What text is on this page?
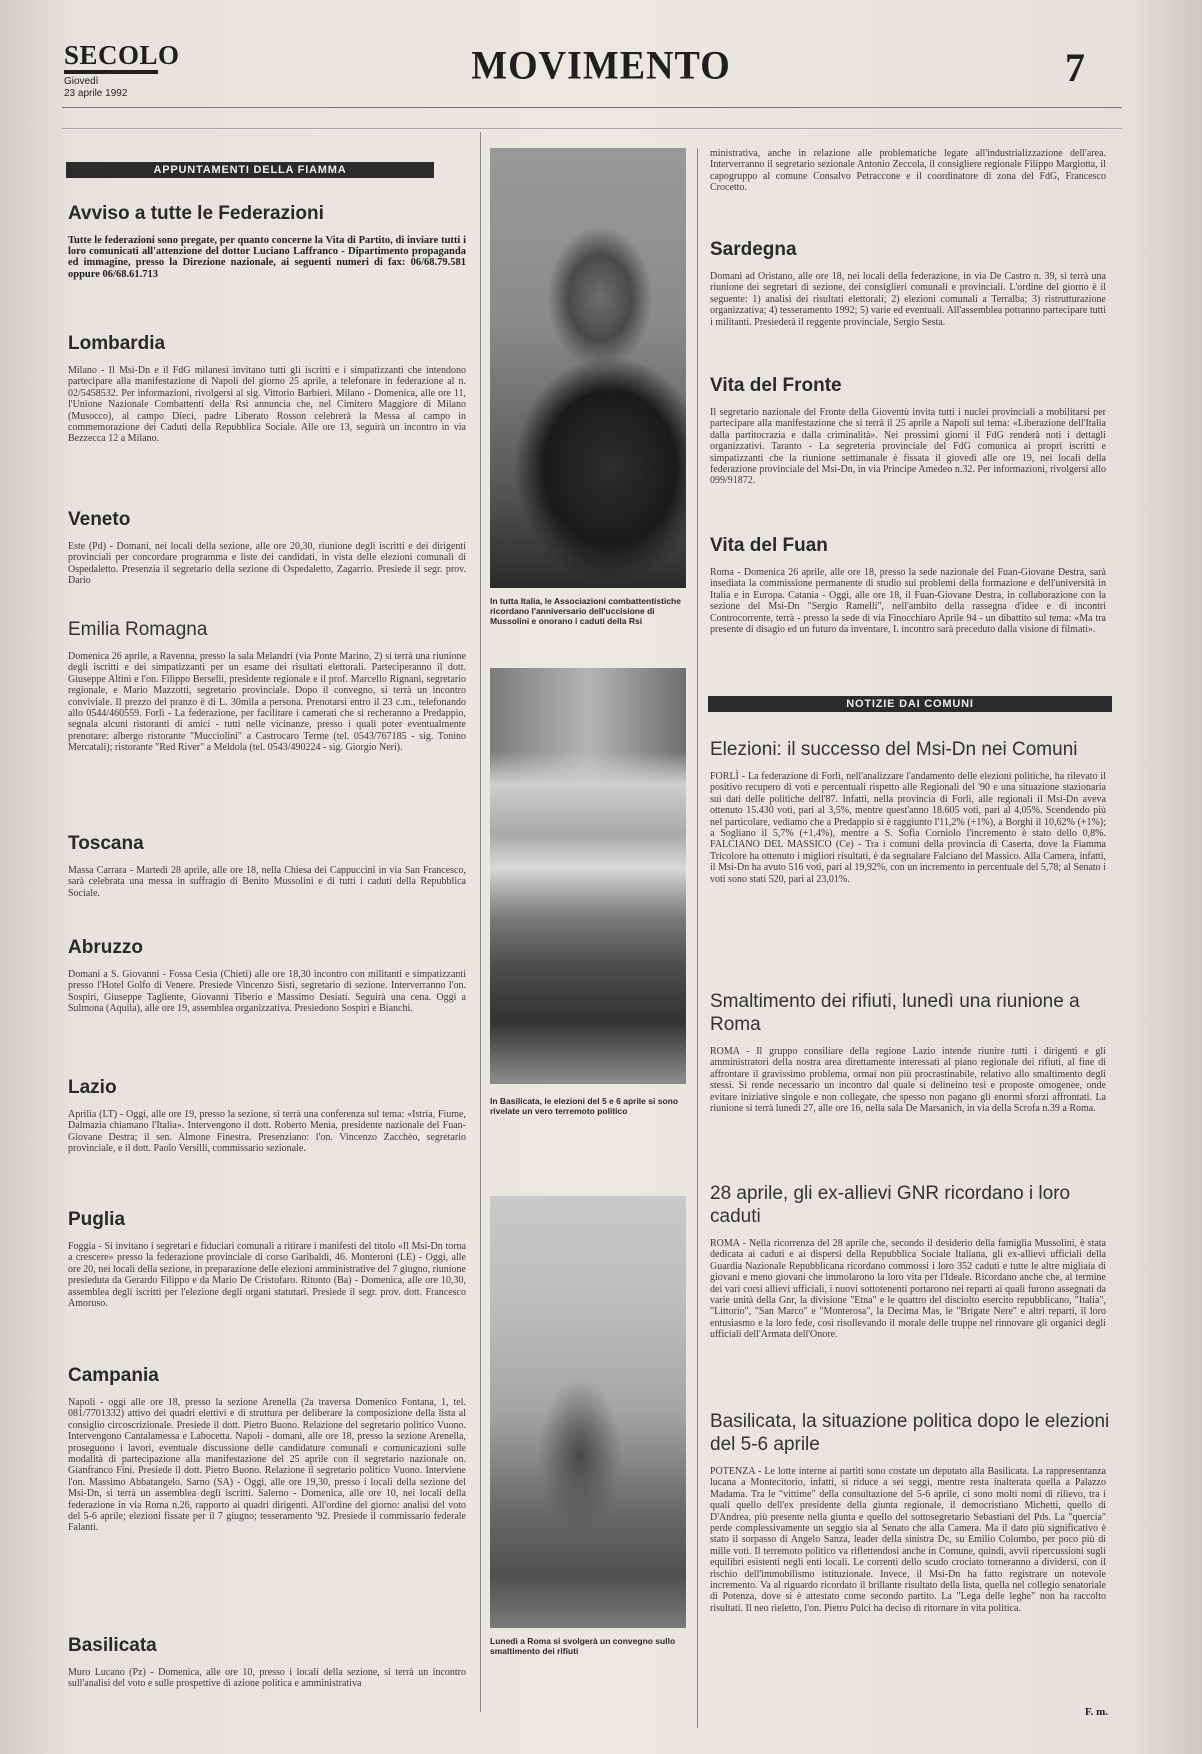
SECOLO
Giovedì
23 aprile 1992
MOVIMENTO	7
APPUNTAMENTI DELLA FIAMMA
Avviso a tutte le Federazioni
Tutte le federazioni sono pregate, per quanto concerne la Vita di Partito, di inviare tutti i loro comunicati all'attenzione del dottor Luciano Laffranco - Dipartimento propaganda ed immagine, presso la Direzione nazionale, ai seguenti numeri di fax: 06/68.79.581 oppure 06/68.61.713
Lombardia
Milano - Il Msi-Dn e il FdG milanesi invitano tutti gli iscritti e i simpatizzanti che intendono partecipare alla manifestazione di Napoli del giorno 25 aprile, a telefonare in federazione al n. 02/5458532. Per informazioni, rivolgersi al sig. Vittorio Barbieri. Milano - Domenica, alle ore 11, l'Unione Nazionale Combattenti della Rsi annuncia che, nel Cimitero Maggiore di Milano (Musocco), al campo Dieci, padre Liberato Rosson celebrerà la Messa al campo in commemorazione dei Caduti della Repubblica Sociale. Alle ore 13, seguirà un incontro in via Bezzecca 12 a Milano.
Veneto
Este (Pd) - Domani, nei locali della sezione, alle ore 20,30, riunione degli iscritti e dei dirigenti provinciali per concordare programma e liste dei candidati, in vista delle elezioni comunali di Ospedaletto. Presenzia il segretario della sezione di Ospedaletto, Zagarrio. Presiede il segr. prov. Dario
Emilia Romagna
Domenica 26 aprile, a Ravenna, presso la sala Melandri (via Ponte Marino, 2) si terrà una riunione degli iscritti e dei simpatizzanti per un esame dei risultati elettorali. Parteciperanno il dott. Giuseppe Altini e l'on. Filippo Berselli, presidente regionale e il prof. Marcello Rignani, segretario regionale, e Mario Mazzotti, segretario provinciale. Dopo il convegno, si terrà un incontro conviviale. Il prezzo del pranzo è di L. 30mila a persona. Prenotarsi entro il 23 c.m., telefonando allo 0544/460559. Forlì - La federazione, per facilitare i camerati che si recheranno a Predappio, segnala alcuni ristoranti di amici - tutti nelle vicinanze, presso i quali poter eventualmente prenotare: albergo ristorante "Mucciolini" a Castrocaro Terme (tel. 0543/767185 - sig. Tonino Mercatali); ristorante "Red River" a Meldola (tel. 0543/490224 - sig. Giorgio Neri).
Toscana
Massa Carrara - Martedì 28 aprile, alle ore 18, nella Chiesa dei Cappuccini in via San Francesco, sarà celebrata una messa in suffragio di Benito Mussolini e di tutti i caduti della Repubblica Sociale.
Abruzzo
Domani a S. Giovanni - Fossa Cesia (Chieti) alle ore 18,30 incontro con militanti e simpatizzanti presso l'Hotel Golfo di Venere. Presiede Vincenzo Sisti, segretario di sezione. Interverranno l'on. Sospiri, Giuseppe Tagliente, Giovanni Tiberio e Massimo Desiati. Seguirà una cena. Oggi a Sulmona (Aquila), alle ore 19, assemblea organizzativa. Presiedono Sospiri e Bianchi.
Lazio
Aprilia (LT) - Oggi, alle ore 19, presso la sezione, si terrà una conferenza sul tema: «Istria, Fiume, Dalmazia chiamano l'Italia». Intervengono il dott. Roberto Menia, presidente nazionale del Fuan-Giovane Destra; il sen. Almone Finestra. Presenziano: l'on. Vincenzo Zacchèo, segretario provinciale, e il dott. Paolo Versilli, commissario sezionale.
Puglia
Foggia - Si invitano i segretari e fiduciari comunali a ritirare i manifesti del titolo «Il Msi-Dn torna a crescere» presso la federazione provinciale di corso Garibaldi, 46. Monteroni (LE) - Oggi, alle ore 20, nei locali della sezione, in preparazione delle elezioni amministrative del 7 giugno, riunione presieduta da Gerardo Filippo e da Mario De Cristofaro. Ritonto (Ba) - Domenica, alle ore 10,30, assemblea degli iscritti per l'elezione degli organi statutari. Presiede il segr. prov. dott. Francesco Amoruso.
Campania
Napoli - oggi alle ore 18, presso la sezione Arenella (2a traversa Domenico Fontana, 1, tel. 081/7701332) attivo dei quadri elettivi e di struttura per deliberare la composizione della lista al consiglio circoscrizionale. Presiede il dott. Pietro Buono. Relazione del segretario politico Vuono. Intervengono Cantalamessa e Labocetta. Napoli - domani, alle ore 18, presso la sezione Arenella, proseguono i lavori, eventuale discussione delle candidature comunali e comunicazioni sulle modalità di partecipazione alla manifestazione del 25 aprile con il segretario nazionale on. Gianfranco Fini. Presiede il dott. Pietro Buono. Relazione il segretario politico Vuono. Interviene l'on. Massimo Abbatangelo. Sarno (SA) - Oggi, alle ore 19,30, presso i locali della sezione del Msi-Dn, si terrà un assemblea degli iscritti. Salerno - Domenica, alle ore 10, nei locali della federazione in via Roma n.26, rapporto ai quadri dirigenti. All'ordine del giorno: analisi del voto del 5-6 aprile; elezioni fissate per il 7 giugno; tesseramento '92. Presiede il commissario federale Falanti.
Basilicata
Muro Lucano (Pz) - Domenica, alle ore 10, presso i locali della sezione, si terrà un incontro sull'analisi del voto e sulle prospettive di azione politica e amministrativa
In tutta Italia, le Associazioni combattentistiche ricordano l'anniversario dell'uccisione di Mussolini e onorano i caduti della Rsi
In Basilicata, le elezioni del 5 e 6 aprile si sono rivelate un vero terremoto politico
Lunedì a Roma si svolgerà un convegno sullo smaltimento dei rifiuti
ministrativa, anche in relazione alle problematiche legate all'industrializzazione dell'area. Interverranno il segretario sezionale Antonio Zeccola, il consigliere regionale Filippo Margiotta, il capogruppo al comune Consalvo Petraccone e il coordinatore di zona del FdG, Francesco Crocetto.
Sardegna
Domani ad Oristano, alle ore 18, nei locali della federazione, in via De Castro n. 39, si terrà una riunione dei segretari di sezione, dei consiglieri comunali e provinciali. L'ordine del giorno è il seguente: 1) analisi dei risultati elettorali; 2) elezioni comunali a Terralba; 3) ristrutturazione organizzativa; 4) tesseramento 1992; 5) varie ed eventuali. All'assemblea potranno partecipare tutti i militanti. Presiederà il reggente provinciale, Sergio Sesta.
Vita del Fronte
Il segretario nazionale del Fronte della Gioventù invita tutti i nuclei provinciali a mobilitarsi per partecipare alla manifestazione che si terrà il 25 aprile a Napoli sul tema: «Liberazione dell'Italia dalla partitocrazia e dalla criminalità». Nei prossimi giorni il FdG renderà noti i dettagli organizzativi. Taranto - La segreteria provinciale del FdG comunica ai propri iscritti e simpatizzanti che la riunione settimanale è fissata il giovedì alle ore 19, nei locali della federazione provinciale del Msi-Dn, in via Principe Amedeo n.32. Per informazioni, rivolgersi allo 099/91872.
Vita del Fuan
Roma - Domenica 26 aprile, alle ore 18, presso la sede nazionale del Fuan-Giovane Destra, sarà insediata la commissione permanente di studio sui problemi della formazione e dell'università in Italia e in Europa. Catania - Oggi, alle ore 18, il Fuan-Giovane Destra, in collaborazione con la sezione del Msi-Dn "Sergio Ramelli", nell'ambito della rassegna d'idee e di incontri Controcorrente, terrà - presso la sede di via Finocchiaro Aprile 94 - un dibattito sul tema: «Ma tra presente di disagio ed un futuro da inventare, I. incontro sarà preceduto dalla visione di filmati».
NOTIZIE DAI COMUNI
Elezioni: il successo del Msi-Dn nei Comuni
FORLÌ - La federazione di Forlì, nell'analizzare l'andamento delle elezioni politiche, ha rilevato il positivo recupero di voti e percentuali rispetto alle Regionali del '90 e una situazione stazionaria sui dati delle politiche dell'87. Infatti, nella provincia di Forlì, alle regionali il Msi-Dn aveva ottenuto 15.430 voti, pari al 3,5%, mentre quest'anno 18.605 voti, pari al 4,05%. Scendendo più nel particolare, vediamo che a Predappio si è raggiunto l'11,2% (+1%), a Borghi il 10,62% (+1%); a Sogliano il 5,7% (+1,4%), mentre a S. Sofia Corniolo l'incremento è stato dello 0,8%. FALCIANO DEL MASSICO (Ce) - Tra i comuni della provincia di Caserta, dove la Fiamma Tricolore ha ottenuto i migliori risultati, è da segnalare Falciano del Massico. Alla Camera, infatti, il Msi-Dn ha avuto 516 voti, pari al 19,92%, con un incremento in percentuale del 5,78; al Senato i voti sono stati 520, pari al 23,01%.
Smaltimento dei rifiuti, lunedì una riunione a Roma
ROMA - Il gruppo consiliare della regione Lazio intende riunire tutti i dirigenti e gli amministratori della nostra area direttamente interessati al piano regionale dei rifiuti, al fine di affrontare il gravissimo problema, ormai non più procrastinabile, relativo allo smaltimento degli stessi. Si rende necessario un incontro dal quale si delineino tesi e proposte omogenee, onde evitare iniziative singole e non collegate, che spesso non pagano gli enormi sforzi affrontati. La riunione si terrà lunedì 27, alle ore 16, nella sala De Marsanich, in via della Scrofa n.39 a Roma.
28 aprile, gli ex-allievi GNR ricordano i loro caduti
ROMA - Nella ricorrenza del 28 aprile che, secondo il desiderio della famiglia Mussolini, è stata dedicata ai caduti e ai dispersi della Repubblica Sociale Italiana, gli ex-allievi ufficiali della Guardia Nazionale Repubblicana ricordano commossi i loro 352 caduti e tutte le altre migliaia di giovani e meno giovani che immolarono la loro vita per l'Ideale. Ricordano anche che, al termine dei vari corsi allievi ufficiali, i nuovi sottotenenti portarono nei reparti ai quali furono assegnati da varie unità della Gnr, la divisione "Etna" e le quattro del disciolto esercito repubblicano, "Italia", "Littorio", "San Marco" e "Monterosa", la Decima Mas, le "Brigate Nere" e altri reparti, il loro entusiasmo e la loro fede, così risollevando il morale delle truppe nel rinnovare gli organici degli ufficiali dell'Armata dell'Onore.
Basilicata, la situazione politica dopo le elezioni del 5-6 aprile
POTENZA - Le lotte interne ai partiti sono costate un deputato alla Basilicata. La rappresentanza lucana a Montecitorio, infatti, si riduce a sei seggi, mentre resta inalterata quella a Palazzo Madama. Tra le "vittime" della consultazione del 5-6 aprile, ci sono molti nomi di rilievo, tra i quali quello dell'ex presidente della giunta regionale, il democristiano Michetti, quello di D'Andrea, più presente nella giunta e quello del sottosegretario Sebastiani del Pds. La "quercia" perde complessivamente un seggio sia al Senato che alla Camera. Ma il dato più significativo è stato il sorpasso di Angelo Sanza, leader della sinistra Dc, su Emilio Colombo, per poco più di mille voti. Il terremoto politico va riflettendosi anche in Comune, quindi, avvii ripercussioni sugli equilibri esistenti negli enti locali. Le correnti dello scudo crociato torneranno a dividersi, con il rischio dell'immobilismo istituzionale. Invece, il Msi-Dn ha fatto registrare un notevole incremento. Va al riguardo ricordato il brillante risultato della lista, quella nel collegio senatoriale di Potenza, dove si è attestato come secondo partito. La "Lega delle leghe" non ha raccolto risultati. Il neo rieletto, l'on. Pietro Pulci ha deciso di ritornare in vita politica.
F. m.
